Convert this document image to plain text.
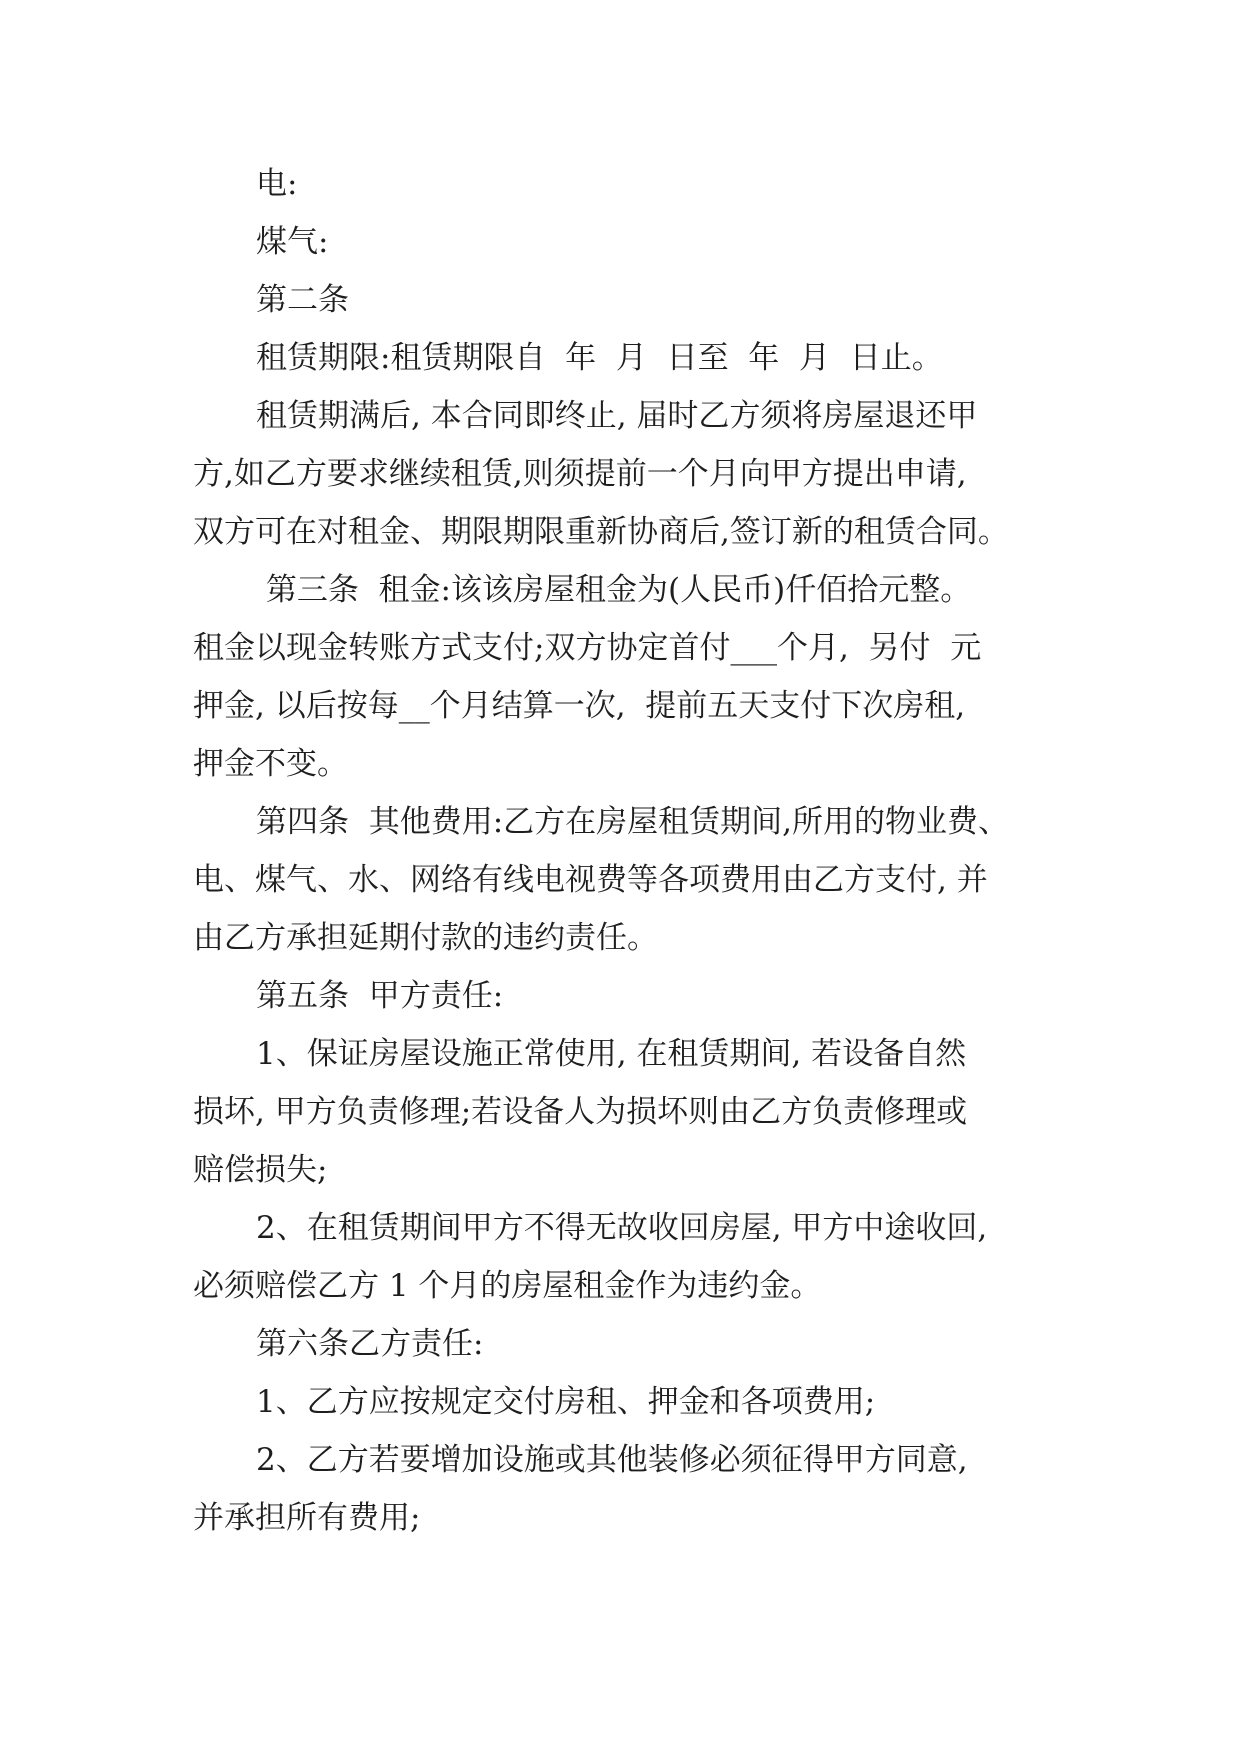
电:
煤气:
第二条
租赁期限:租赁期限自  年  月  日至  年  月  日止。
租赁期满后, 本合同即终止, 届时乙方须将房屋退还甲
方,如乙方要求继续租赁,则须提前一个月向甲方提出申请,
双方可在对租金、期限期限重新协商后,签订新的租赁合同。
第三条  租金:该该房屋租金为(人民币)仟佰拾元整。
租金以现金转账方式支付;双方协定首付___个月,  另付  元
押金, 以后按每__个月结算一次,  提前五天支付下次房租,
押金不变。
第四条  其他费用:乙方在房屋租赁期间,所用的物业费、
电、煤气、水、网络有线电视费等各项费用由乙方支付, 并
由乙方承担延期付款的违约责任。
第五条  甲方责任:
1、保证房屋设施正常使用, 在租赁期间, 若设备自然
损坏, 甲方负责修理;若设备人为损坏则由乙方负责修理或
赔偿损失;
2、在租赁期间甲方不得无故收回房屋, 甲方中途收回,
必须赔偿乙方 1 个月的房屋租金作为违约金。
第六条乙方责任:
1、乙方应按规定交付房租、押金和各项费用;
2、乙方若要增加设施或其他装修必须征得甲方同意,
并承担所有费用;
